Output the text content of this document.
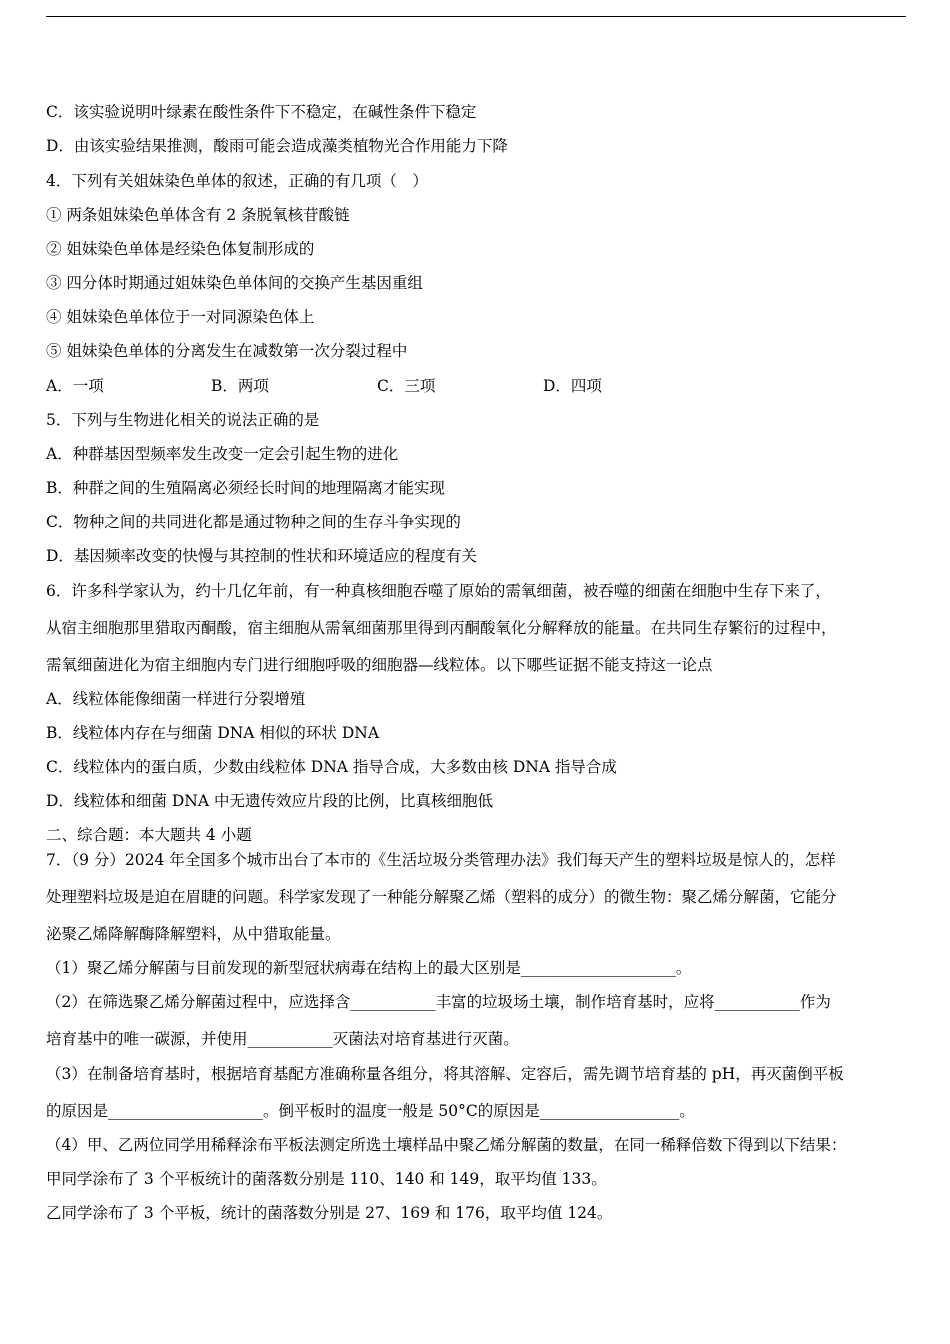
C．该实验说明叶绿素在酸性条件下不稳定，在碱性条件下稳定
D．由该实验结果推测，酸雨可能会造成藻类植物光合作用能力下降
4．下列有关姐妹染色单体的叙述，正确的有几项（　）
① 两条姐妹染色单体含有 2 条脱氧核苷酸链
② 姐妹染色单体是经染色体复制形成的
③ 四分体时期通过姐妹染色单体间的交换产生基因重组
④ 姐妹染色单体位于一对同源染色体上
⑤ 姐妹染色单体的分离发生在减数第一次分裂过程中
A．一项	B．两项	C．三项	D．四项
5．下列与生物进化相关的说法正确的是
A．种群基因型频率发生改变一定会引起生物的进化
B．种群之间的生殖隔离必须经长时间的地理隔离才能实现
C．物种之间的共同进化都是通过物种之间的生存斗争实现的
D．基因频率改变的快慢与其控制的性状和环境适应的程度有关
6．许多科学家认为，约十几亿年前，有一种真核细胞吞噬了原始的需氧细菌，被吞噬的细菌在细胞中生存下来了，
从宿主细胞那里猎取丙酮酸，宿主细胞从需氧细菌那里得到丙酮酸氧化分解释放的能量。在共同生存繁衍的过程中，
需氧细菌进化为宿主细胞内专门进行细胞呼吸的细胞器—线粒体。以下哪些证据不能支持这一论点
A．线粒体能像细菌一样进行分裂增殖
B．线粒体内存在与细菌 DNA 相似的环状 DNA
C．线粒体内的蛋白质，少数由线粒体 DNA 指导合成，大多数由核 DNA 指导合成
D．线粒体和细菌 DNA 中无遗传效应片段的比例，比真核细胞低
二、综合题：本大题共 4 小题
7．（9 分）2024 年全国多个城市出台了本市的《生活垃圾分类管理办法》我们每天产生的塑料垃圾是惊人的，怎样
处理塑料垃圾是迫在眉睫的问题。科学家发现了一种能分解聚乙烯（塑料的成分）的微生物：聚乙烯分解菌，它能分
泌聚乙烯降解酶降解塑料，从中猎取能量。
（1）聚乙烯分解菌与目前发现的新型冠状病毒在结构上的最大区别是____________________。
（2）在筛选聚乙烯分解菌过程中，应选择含___________丰富的垃圾场土壤，制作培育基时，应将___________作为
培育基中的唯一碳源，并使用___________灭菌法对培育基进行灭菌。
（3）在制备培育基时，根据培育基配方准确称量各组分，将其溶解、定容后，需先调节培育基的 pH，再灭菌倒平板
的原因是____________________。倒平板时的温度一般是 50°C的原因是__________________。
（4）甲、乙两位同学用稀释涂布平板法测定所选土壤样品中聚乙烯分解菌的数量，在同一稀释倍数下得到以下结果：
甲同学涂布了 3 个平板统计的菌落数分别是 110、140 和 149，取平均值 133。
乙同学涂布了 3 个平板，统计的菌落数分别是 27、169 和 176，取平均值 124。
